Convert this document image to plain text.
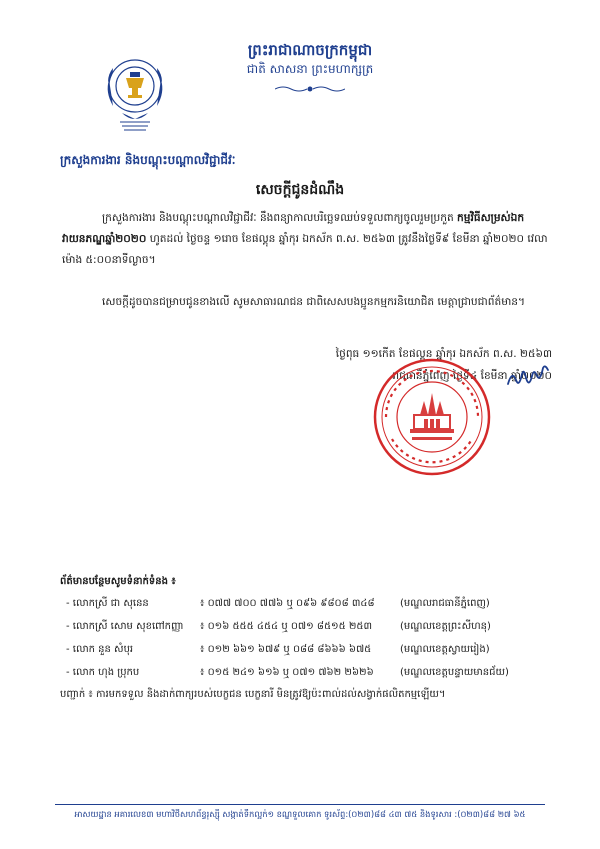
ព្រះរាជាណាចក្រកម្ពុជា
ជាតិ សាសនា ព្រះមហាក្សត្រ
ក្រសួងការងារ និងបណ្តុះបណ្តាលវិជ្ជាជីវៈ
សេចក្តីជូនដំណឹង
ក្រសួងការងារ និងបណ្តុះបណ្តាលវិជ្ជាជីវៈ នឹងពន្យាកាលបរិច្ឆេទឈប់ទទួលពាក្យចូលរួមប្រកួត កម្មវិធីសម្រស់ឯកវាយនភណ្ឌឆ្នាំ២០២០ ហូតដល់ ថ្ងៃចន្ទ ១រោច ខែផល្គុន ឆ្នាំកុរ ឯកស័ក ព.ស. ២៥៦៣ ត្រូវនឹងថ្ងៃទី៩ ខែមីនា ឆ្នាំ២០២០ វេលាម៉ោង ៥:០០នាទីល្ងាច។
សេចក្តីដូចបានជម្រាបជូនខាងលើ សូមសាធារណជន ជាពិសេសបងប្អូនកម្មករនិយោជិត មេត្តាជ្រាបជាព័ត៌មាន។
ថ្ងៃពុធ ១១កើត ខែផល្គុន ឆ្នាំកុរ ឯកស័ក ព.ស. ២៥៦៣
រាជធានីភ្នំពេញ ថ្ងៃទី៤ ខែមីនា ឆ្នាំ២០២០
ព័ត៌មានបន្ថែមសូមទំនាក់ទំនង ៖
- លោកស្រី ជា សុនេន	៖ ០៧៧ ៧០០ ៧៧៦ ឬ ០៩៦ ៩៨០៨ ៣៤៨	(មណ្ឌលរាជធានីភ្នំពេញ)
- លោកស្រី សោម សុខពៅកញ្ញា ៖ ០១៦ ៥៥៥ ៤៥៤ ឬ ០៧១ ៨៥១៥ ២៥៣	(មណ្ឌលខេត្តព្រះសីហនុ)
- លោក នួន សំបុរ	៖ ០១២ ៦៦១ ៦៧៩ ឬ ០៨៨ ៨៦៦៦ ៦៧៥	(មណ្ឌលខេត្តស្វាយរៀង)
- លោក ហុង ប្រុកប	៖ ០១៥ ២៤១ ៦១៦ ឬ ០៧១ ៧៦២ ២៦២៦	(មណ្ឌលខេត្តបន្ទាយមានជ័យ)
បញ្ជាក់ ៖ ការមកទទួល និងដាក់ពាក្យរបស់បេក្ខជន បេក្ខនារី មិនត្រូវឱ្យប៉ះពាល់ដល់សង្វាក់ផលិតកម្មឡើយ។
អាសយដ្ឋាន អគារលេខ៣ មហាវិថីសហព័ន្ធរុស្ស៊ី សង្កាត់ទឹកល្អក់១ ខណ្ឌទួលគោក ទូរស័ព្ទ:(០២៣)៨៨ ៤៣ ៧៥ និងទូរសារ :(០២៣)៨៨ ២៧ ៦៥
